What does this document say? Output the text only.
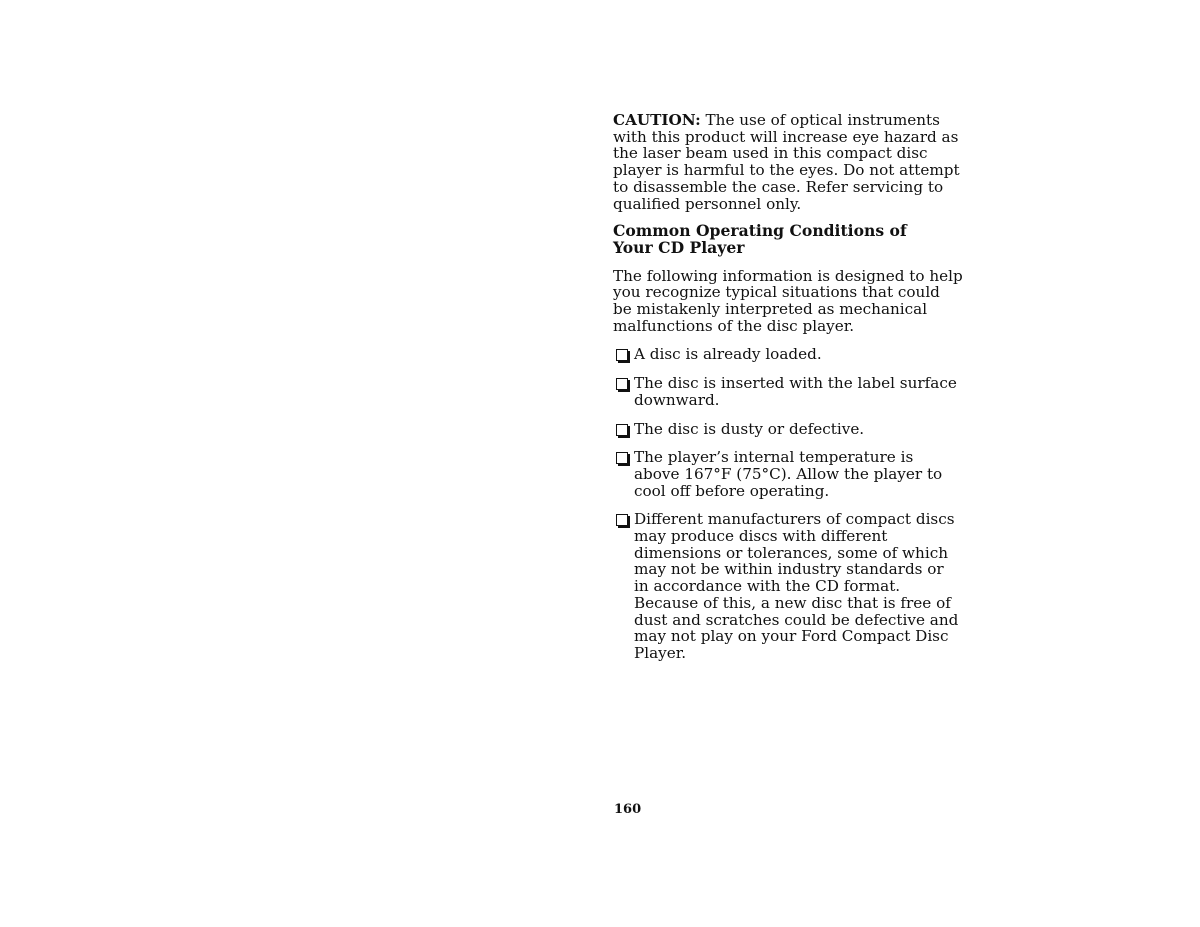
CAUTION: The use of optical instruments with this product will increase eye hazard as the laser beam used in this compact disc player is harmful to the eyes. Do not attempt to disassemble the case. Refer servicing to qualified personnel only.

Common Operating Conditions of Your CD Player

The following information is designed to help you recognize typical situations that could be mistakenly interpreted as mechanical malfunctions of the disc player.

A disc is already loaded.
The disc is inserted with the label surface downward.
The disc is dusty or defective.
The player’s internal temperature is above 167°F (75°C). Allow the player to cool off before operating.
Different manufacturers of compact discs may produce discs with different dimensions or tolerances, some of which may not be within industry standards or in accordance with the CD format. Because of this, a new disc that is free of dust and scratches could be defective and may not play on your Ford Compact Disc Player.
160
